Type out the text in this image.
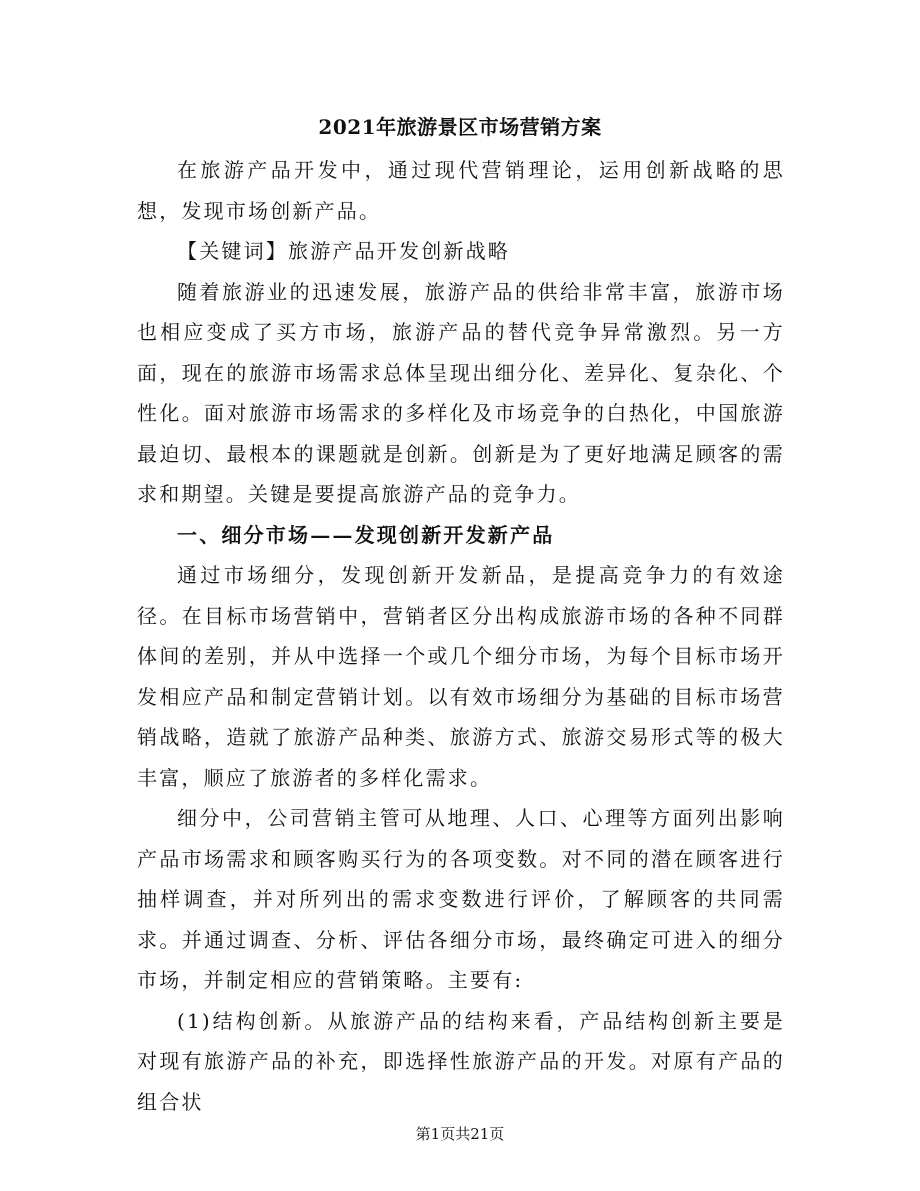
2021年旅游景区市场营销方案

在旅游产品开发中，通过现代营销理论，运用创新战略的思想，发现市场创新产品。

【关键词】旅游产品开发创新战略

随着旅游业的迅速发展，旅游产品的供给非常丰富，旅游市场也相应变成了买方市场，旅游产品的替代竞争异常激烈。另一方面，现在的旅游市场需求总体呈现出细分化、差异化、复杂化、个性化。面对旅游市场需求的多样化及市场竞争的白热化，中国旅游最迫切、最根本的课题就是创新。创新是为了更好地满足顾客的需求和期望。关键是要提高旅游产品的竞争力。

一、细分市场——发现创新开发新产品

通过市场细分，发现创新开发新品，是提高竞争力的有效途径。在目标市场营销中，营销者区分出构成旅游市场的各种不同群体间的差别，并从中选择一个或几个细分市场，为每个目标市场开发相应产品和制定营销计划。以有效市场细分为基础的目标市场营销战略，造就了旅游产品种类、旅游方式、旅游交易形式等的极大丰富，顺应了旅游者的多样化需求。

细分中，公司营销主管可从地理、人口、心理等方面列出影响产品市场需求和顾客购买行为的各项变数。对不同的潜在顾客进行抽样调查，并对所列出的需求变数进行评价，了解顾客的共同需求。并通过调查、分析、评估各细分市场，最终确定可进入的细分市场，并制定相应的营销策略。主要有:

(1)结构创新。从旅游产品的结构来看，产品结构创新主要是对现有旅游产品的补充，即选择性旅游产品的开发。对原有产品的组合状

第1页共21页
